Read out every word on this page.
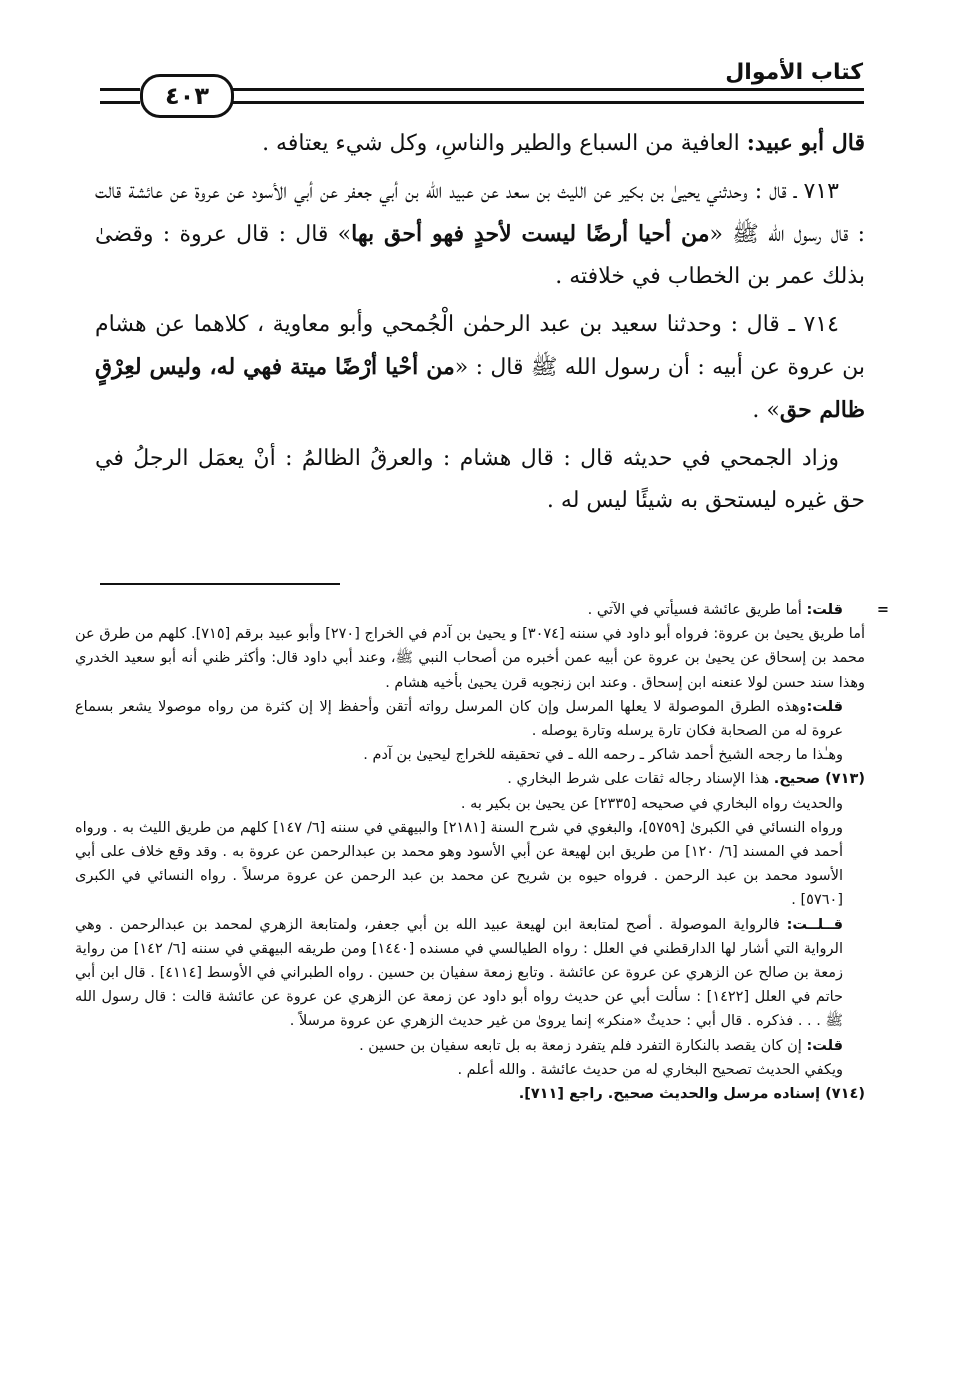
كتاب الأموال
٤٠٣

قال أبو عبيد: العافية من السباع والطير والناسِ، وكل شيء يعتافه .

٧١٣ ـ قال : وحدثني يحيىٰ بن بكير عن الليث بن سعد عن عبيد الله بن أبي جعفر عن أبي الأسود عن عروة عن عائشة قالت : قال رسول الله ﷺ «من أحيا أرضًا ليست لأحدٍ فهو أحق بها» قال : قال عروة : وقضىٰ بذلك عمر بن الخطاب في خلافته .

٧١٤ ـ قال : وحدثنا سعيد بن عبد الرحمٰن الْجُمحي وأبو معاوية ، كلاهما عن هشام بن عروة عن أبيه : أن رسول الله ﷺ قال : «من أحْيا أرْضًا ميتة فهي له، وليس لعِرْقٍ ظالم حق» .

وزاد الجمحي في حديثه قال : قال هشام : والعرقُ الظالمُ : أنْ يعمَل الرجلُ في حق غيره ليستحق به شيئًا ليس له .

=
قلت: أما طريق عائشة فسيأتي في الآتي .

أما طريق يحيىٰ بن عروة: فرواه أبو داود في سننه [٣٠٧٤] و يحيىٰ بن آدم في الخراج [٢٧٠] وأبو عبيد برقم [٧١٥]. كلهم من طرق عن محمد بن إسحاق عن يحيىٰ بن عروة عن أبيه عمن أخبره من أصحاب النبي ﷺ، وعند أبي داود قال: وأكثر ظني أنه أبو سعيد الخدري وهذا سند حسن لولا عنعنه ابن إسحاق . وعند ابن زنجويه قرن يحيىٰ بأخيه هشام .

قلت:وهذه الطرق الموصولة لا يعلها المرسل وإن كان المرسل رواته أتقن وأحفظ إلا إن كثرة من رواه موصولا يشعر بسماع عروة له من الصحابة فكان تارة يرسله وتارة يوصله .

وهـٰذا ما رجحه الشيخ أحمد شاكر ـ رحمه الله ـ في تحقيقه للخراج ليحيىٰ بن آدم .

(٧١٣) صحيح. هذا الإسناد رجاله ثقات على شرط البخاري .

والحديث رواه البخاري في صحيحه [٢٣٣٥] عن يحيىٰ بن بكير به .

ورواه النسائي في الكبرىٰ [٥٧٥٩]، والبغوي في شرح السنة [٢١٨١] والبيهقي في سننه [٦/ ١٤٧] كلهم من طريق الليث به . ورواه أحمد في المسند [٦/ ١٢٠] من طريق ابن لهيعة عن أبي الأسود وهو محمد بن عبدالرحمن عن عروة به . وقد وقع خلاف على أبي الأسود محمد بن عبد الرحمن . فرواه حيوه بن شريح عن محمد بن عبد الرحمن عن عروة مرسلاً . رواه النسائي في الكبرى [٥٧٦٠] .

قــلــت: فالرواية الموصولة . أصح لمتابعة ابن لهيعة عبيد الله بن أبي جعفر، ولمتابعة الزهري لمحمد بن عبدالرحمن . وهي الرواية التي أشار لها الدارقطني في العلل : رواه الطيالسي في مسنده [١٤٤٠] ومن طريقه البيهقي في سننه [٦/ ١٤٢] من رواية زمعة بن صالح عن الزهري عن عروة عن عائشة . وتابع زمعة سفيان بن حسين . رواه الطبراني في الأوسط [٤١١٤] . قال ابن أبي حاتم في العلل [١٤٢٢] : سألت أبي عن حديث رواه أبو داود عن زمعة عن الزهري عن عروة عن عائشة قالت : قال رسول الله ﷺ . . . فذكره . قال أبي : حديثٌ «منكر» إنما يروىٰ من غير حديث الزهري عن عروة مرسلاً .

قلت: إن كان يقصد بالنكارة التفرد فلم يتفرد زمعة به بل تابعه سفيان بن حسين .

ويكفي الحديث تصحيح البخاري له من حديث عائشة . والله أعلم .

(٧١٤) إسناده مرسل والحديث صحيح. راجع [٧١١].
